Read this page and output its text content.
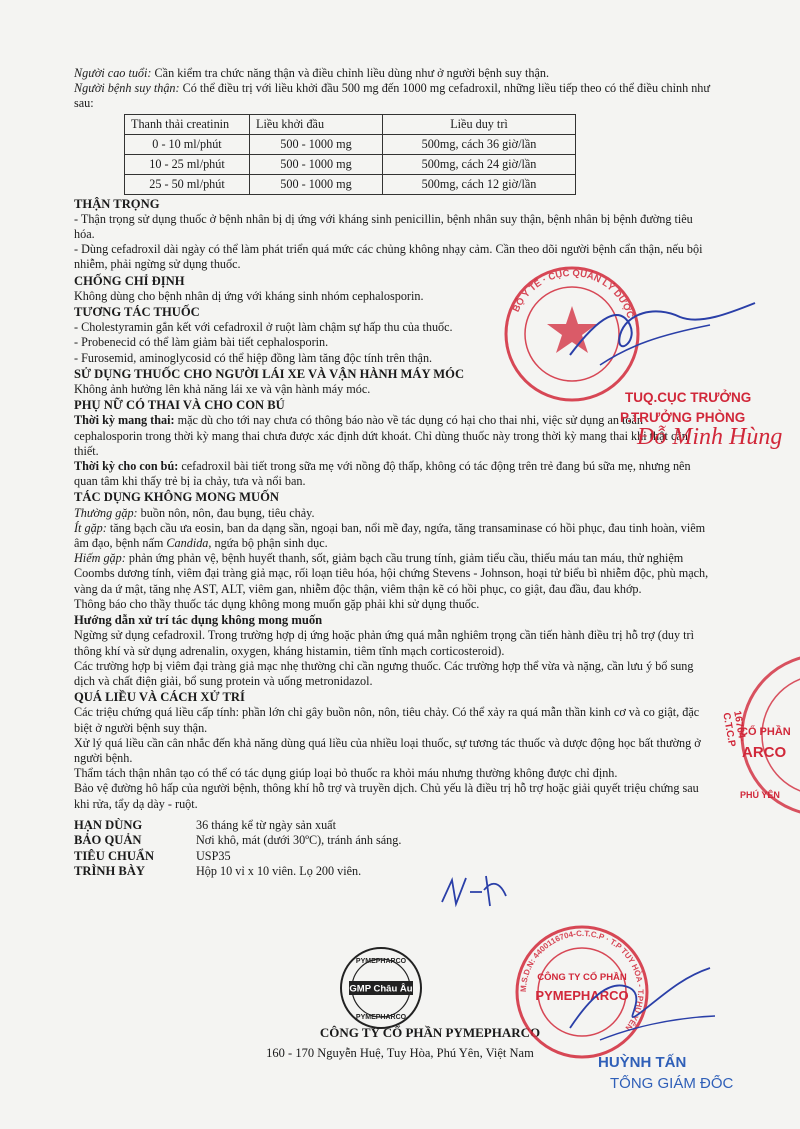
Người cao tuổi: Cần kiểm tra chức năng thận và điều chỉnh liều dùng như ở người bệnh suy thận.

Người bệnh suy thận: Có thể điều trị với liều khởi đầu 500 mg đến 1000 mg cefadroxil, những liều tiếp theo có thể điều chỉnh như sau:

Thanh thải creatinin	Liều khởi đầu	Liều duy trì
0 - 10 ml/phút	500 - 1000 mg	500mg, cách 36 giờ/lần
10 - 25 ml/phút	500 - 1000 mg	500mg, cách 24 giờ/lần
25 - 50 ml/phút	500 - 1000 mg	500mg, cách 12 giờ/lần

THẬN TRỌNG

- Thận trọng sử dụng thuốc ở bệnh nhân bị dị ứng với kháng sinh penicillin, bệnh nhân suy thận, bệnh nhân bị bệnh đường tiêu hóa.

- Dùng cefadroxil dài ngày có thể làm phát triển quá mức các chủng không nhạy cảm. Cần theo dõi người bệnh cẩn thận, nếu bội nhiễm, phải ngừng sử dụng thuốc.

CHỐNG CHỈ ĐỊNH

Không dùng cho bệnh nhân dị ứng với kháng sinh nhóm cephalosporin.

TƯƠNG TÁC THUỐC

- Cholestyramin gắn kết với cefadroxil ở ruột làm chậm sự hấp thu của thuốc.

- Probenecid có thể làm giảm bài tiết cephalosporin.

- Furosemid, aminoglycosid có thể hiệp đồng làm tăng độc tính trên thận.

SỬ DỤNG THUỐC CHO NGƯỜI LÁI XE VÀ VẬN HÀNH MÁY MÓC

Không ảnh hưởng lên khả năng lái xe và vận hành máy móc.

PHỤ NỮ CÓ THAI VÀ CHO CON BÚ

Thời kỳ mang thai: mặc dù cho tới nay chưa có thông báo nào về tác dụng có hại cho thai nhi, việc sử dụng an toàn cephalosporin trong thời kỳ mang thai chưa được xác định dứt khoát. Chỉ dùng thuốc này trong thời kỳ mang thai khi thật cần thiết.

Thời kỳ cho con bú: cefadroxil bài tiết trong sữa mẹ với nồng độ thấp, không có tác động trên trẻ đang bú sữa mẹ, nhưng nên quan tâm khi thấy trẻ bị ỉa chảy, tưa và nổi ban.

TÁC DỤNG KHÔNG MONG MUỐN

Thường gặp: buồn nôn, nôn, đau bụng, tiêu chảy.

Ít gặp: tăng bạch cầu ưa eosin, ban da dạng sần, ngoại ban, nổi mề đay, ngứa, tăng transaminase có hồi phục, đau tinh hoàn, viêm âm đạo, bệnh nấm Candida, ngứa bộ phận sinh dục.

Hiếm gặp: phản ứng phản vệ, bệnh huyết thanh, sốt, giảm bạch cầu trung tính, giảm tiểu cầu, thiếu máu tan máu, thử nghiệm Coombs dương tính, viêm đại tràng giả mạc, rối loạn tiêu hóa, hội chứng Stevens - Johnson, hoại tử biểu bì nhiễm độc, phù mạch, vàng da ứ mật, tăng nhẹ AST, ALT, viêm gan, nhiễm độc thận, viêm thận kẽ có hồi phục, co giật, đau đầu, đau khớp.

Thông báo cho thầy thuốc tác dụng không mong muốn gặp phải khi sử dụng thuốc.

Hướng dẫn xử trí tác dụng không mong muốn

Ngừng sử dụng cefadroxil. Trong trường hợp dị ứng hoặc phản ứng quá mẫn nghiêm trọng cần tiến hành điều trị hỗ trợ (duy trì thông khí và sử dụng adrenalin, oxygen, kháng histamin, tiêm tĩnh mạch corticosteroid).

Các trường hợp bị viêm đại tràng giả mạc nhẹ thường chỉ cần ngưng thuốc. Các trường hợp thể vừa và nặng, cần lưu ý bổ sung dịch và chất điện giải, bổ sung protein và uống metronidazol.

QUÁ LIỀU VÀ CÁCH XỬ TRÍ

Các triệu chứng quá liều cấp tính: phần lớn chỉ gây buồn nôn, nôn, tiêu chảy. Có thể xảy ra quá mẫn thần kinh cơ và co giật, đặc biệt ở người bệnh suy thận.

Xử lý quá liều cần cân nhắc đến khả năng dùng quá liều của nhiều loại thuốc, sự tương tác thuốc và dược động học bất thường ở người bệnh.

Thẩm tách thận nhân tạo có thể có tác dụng giúp loại bỏ thuốc ra khỏi máu nhưng thường không được chỉ định.

Bảo vệ đường hô hấp của người bệnh, thông khí hỗ trợ và truyền dịch. Chủ yếu là điều trị hỗ trợ hoặc giải quyết triệu chứng sau khi rửa, tẩy dạ dày - ruột.

HẠN DÙNG	36 tháng kể từ ngày sản xuất
BẢO QUẢN	Nơi khô, mát (dưới 30ºC), tránh ánh sáng.
TIÊU CHUẨN	USP35
TRÌNH BÀY	Hộp 10 vỉ x 10 viên. Lọ 200 viên.
GMP Châu Âu
PYMEPHARCO
PYMEPHARCO
CÔNG TY CỔ PHẦN PYMEPHARCO
160 - 170 Nguyễn Huệ, Tuy Hòa, Phú Yên, Việt Nam
BỘ Y TẾ · CỤC QUẢN LÝ DƯỢC
TUQ.CỤC TRƯỞNG
P.TRƯỞNG PHÒNG
Đỗ Minh Hùng
16704-C.T.C.P CỔ PHẦN
ARCO
PHÚ YÊN
M.S.D.N: 4400116704-C.T.C.P · T.P TUY HÒA - T.PHÚ YÊN
CÔNG TY CỔ PHẦN
PYMEPHARCO
HUỲNH TẤN
TỔNG GIÁM ĐỐC
